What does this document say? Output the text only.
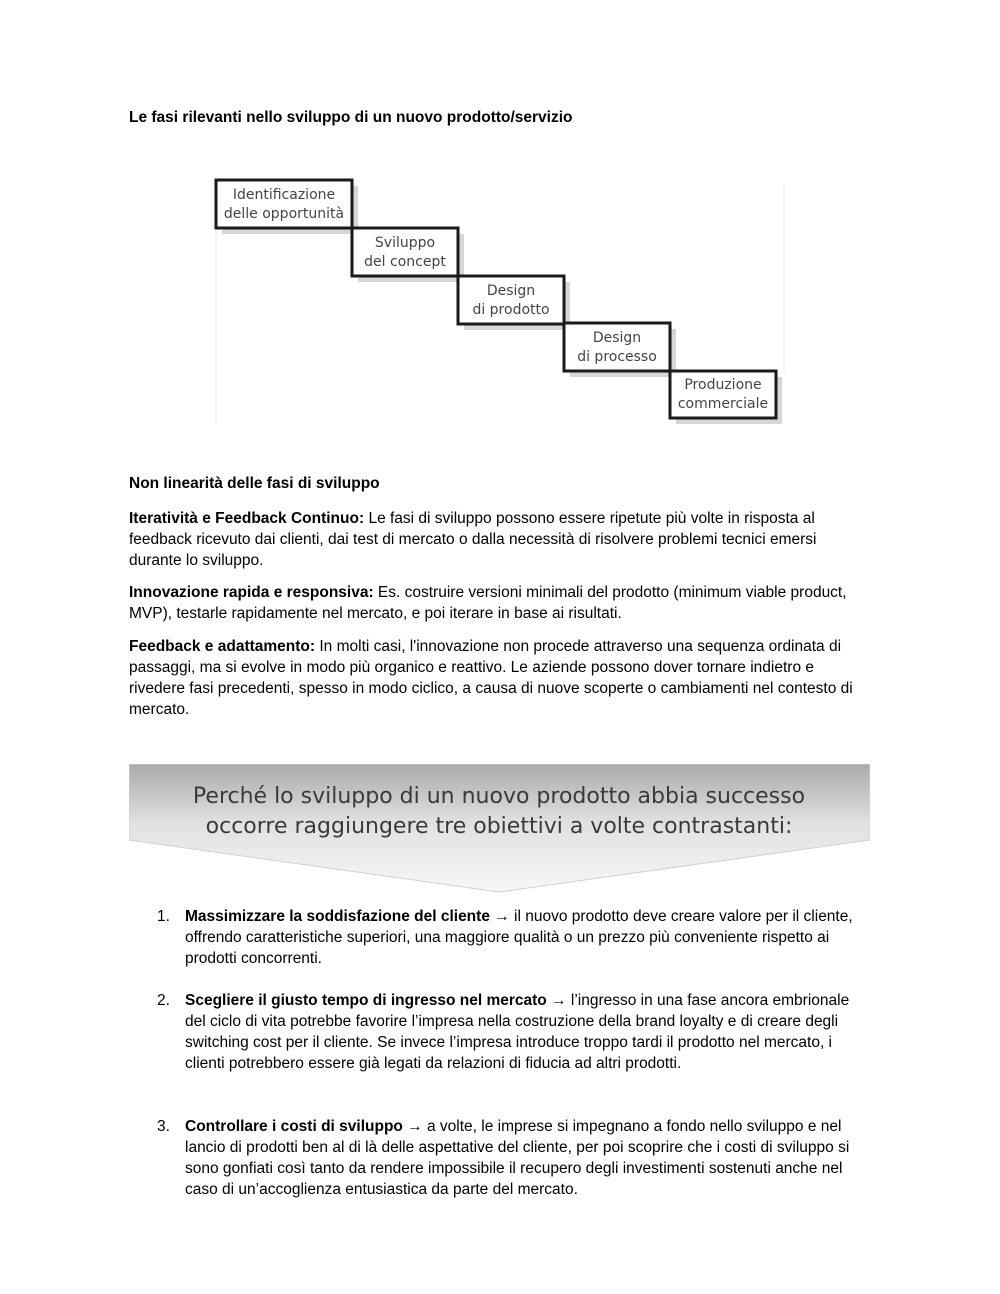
Le fasi rilevanti nello sviluppo di un nuovo prodotto/servizio
Identificazione
delle opportunità
Sviluppo
del concept
Design
di prodotto
Design
di processo
Produzione
commerciale
Non linearità delle fasi di sviluppo

Iteratività e Feedback Continuo: Le fasi di sviluppo possono essere ripetute più volte in risposta al feedback ricevuto dai clienti, dai test di mercato o dalla necessità di risolvere problemi tecnici emersi durante lo sviluppo.

Innovazione rapida e responsiva: Es. costruire versioni minimali del prodotto (minimum viable product, MVP), testarle rapidamente nel mercato, e poi iterare in base ai risultati.

Feedback e adattamento: In molti casi, l'innovazione non procede attraverso una sequenza ordinata di passaggi, ma si evolve in modo più organico e reattivo. Le aziende possono dover tornare indietro e rivedere fasi precedenti, spesso in modo ciclico, a causa di nuove scoperte o cambiamenti nel contesto di mercato.

Perché lo sviluppo di un nuovo prodotto abbia successo
occorre raggiungere tre obiettivi a volte contrastanti:
1. Massimizzare la soddisfazione del cliente → il nuovo prodotto deve creare valore per il cliente, offrendo caratteristiche superiori, una maggiore qualità o un prezzo più conveniente rispetto ai prodotti concorrenti.
2. Scegliere il giusto tempo di ingresso nel mercato → l’ingresso in una fase ancora embrionale del ciclo di vita potrebbe favorire l’impresa nella costruzione della brand loyalty e di creare degli switching cost per il cliente. Se invece l’impresa introduce troppo tardi il prodotto nel mercato, i clienti potrebbero essere già legati da relazioni di fiducia ad altri prodotti.
3. Controllare i costi di sviluppo → a volte, le imprese si impegnano a fondo nello sviluppo e nel lancio di prodotti ben al di là delle aspettative del cliente, per poi scoprire che i costi di sviluppo si sono gonfiati così tanto da rendere impossibile il recupero degli investimenti sostenuti anche nel caso di un’accoglienza entusiastica da parte del mercato.
